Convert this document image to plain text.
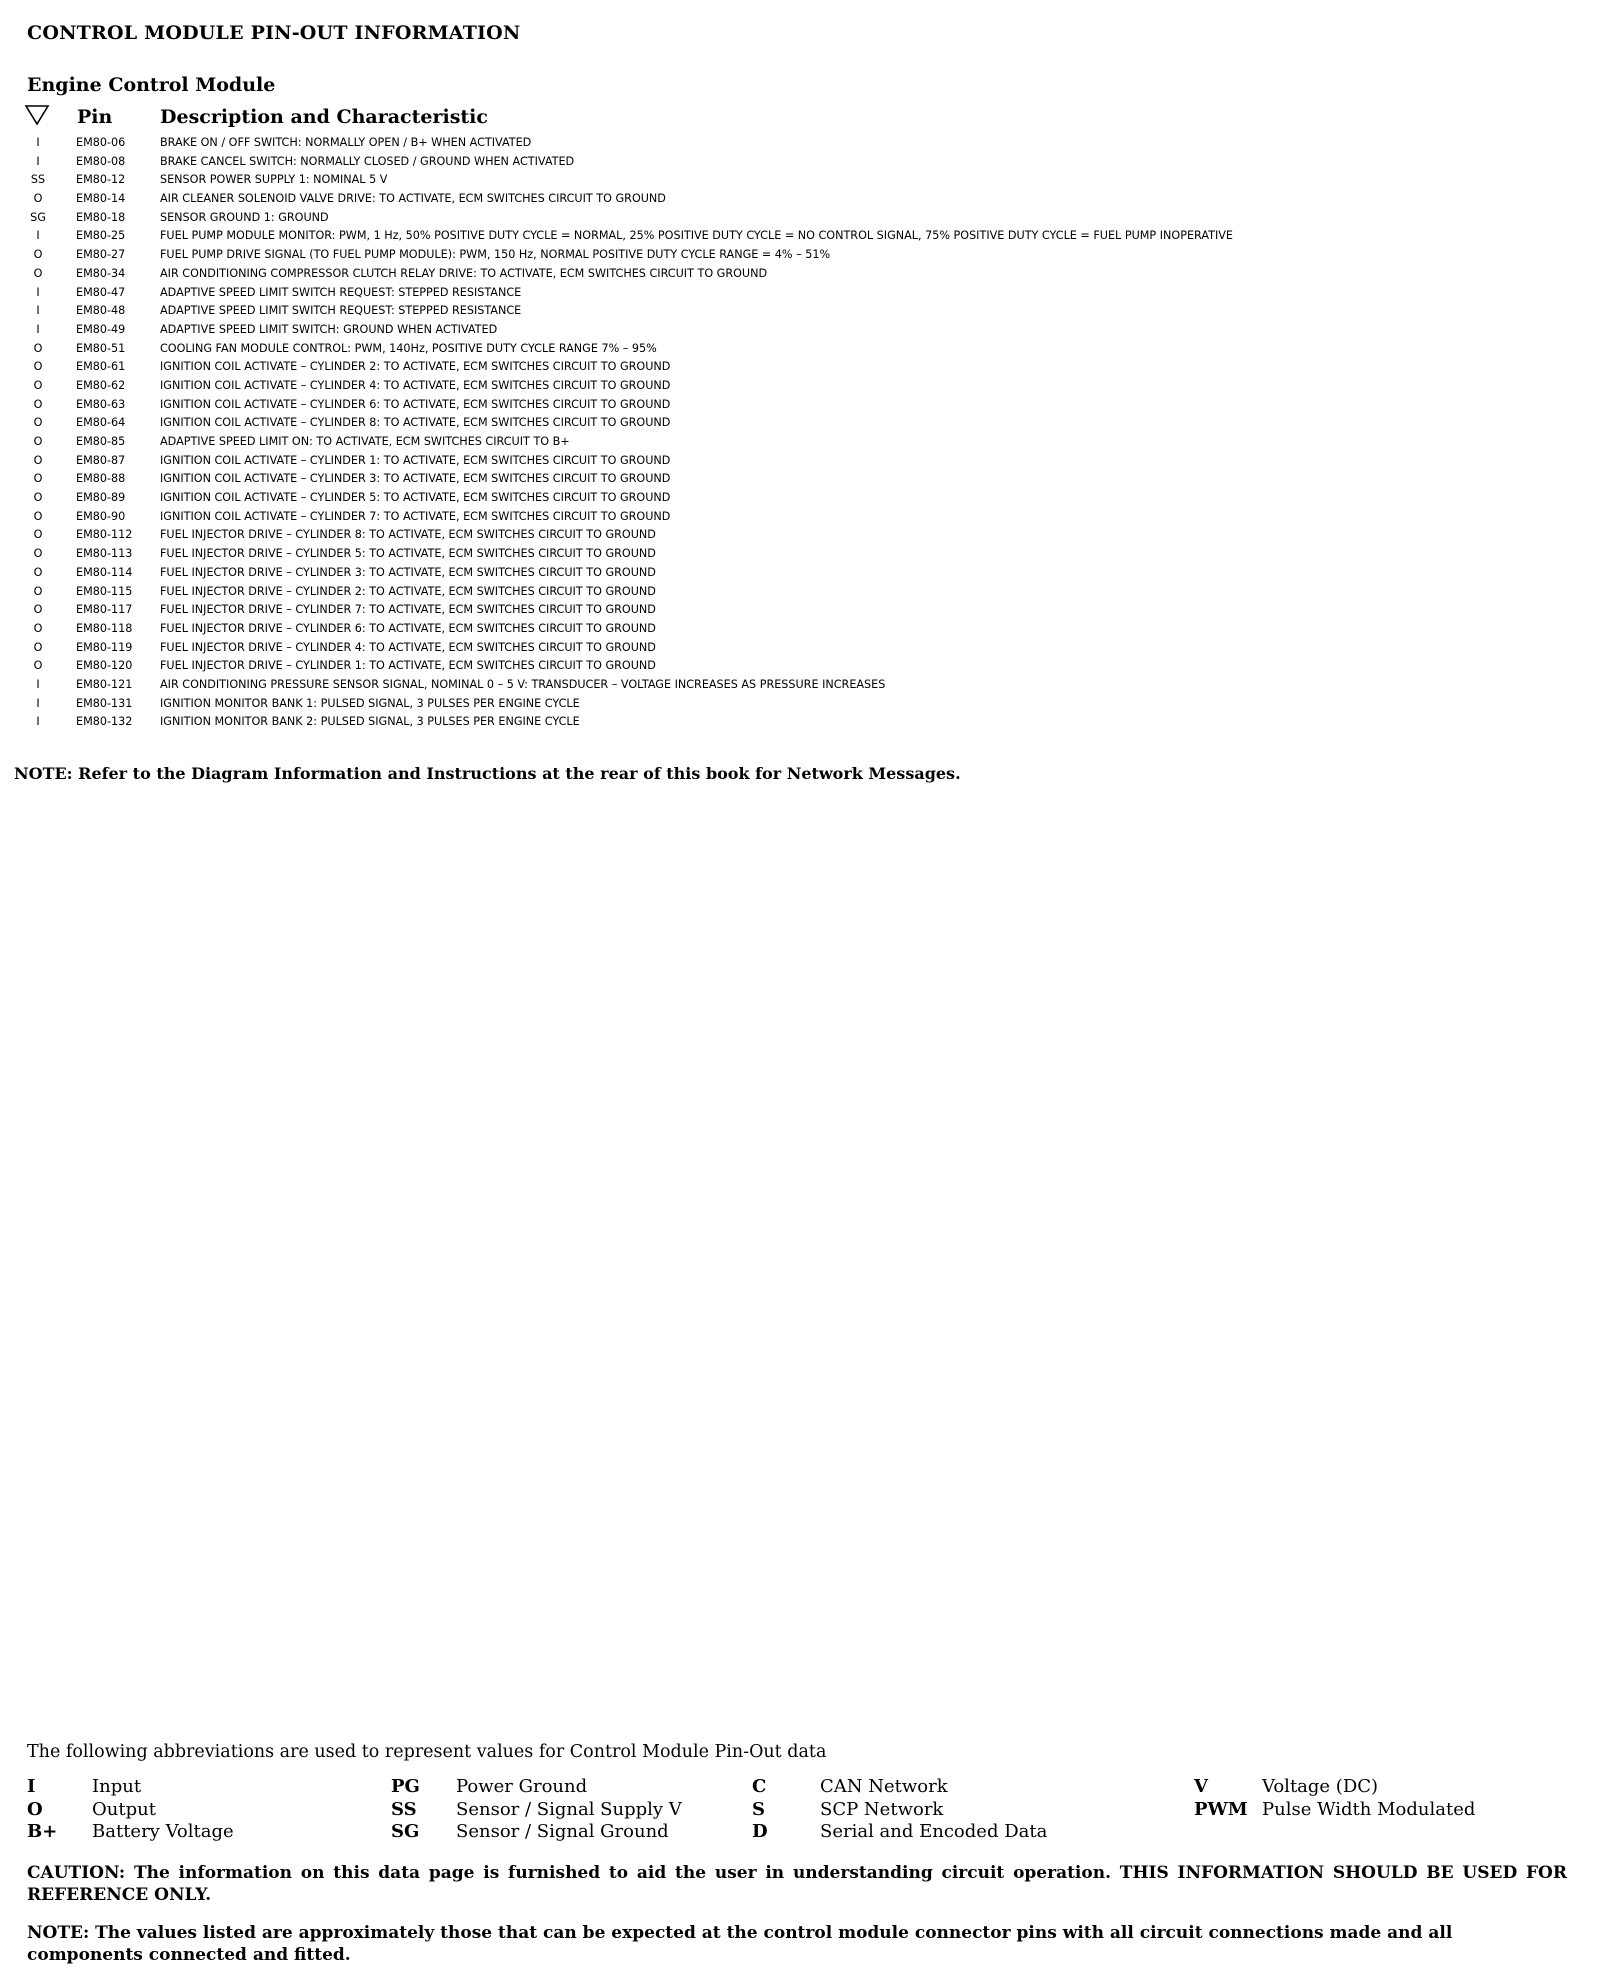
CONTROL MODULE PIN-OUT INFORMATION
Engine Control Module
Pin	Description and Characteristic
I	EM80-06	BRAKE ON / OFF SWITCH: NORMALLY OPEN / B+ WHEN ACTIVATED
I	EM80-08	BRAKE CANCEL SWITCH: NORMALLY CLOSED / GROUND WHEN ACTIVATED
SS	EM80-12	SENSOR POWER SUPPLY 1: NOMINAL 5 V
O	EM80-14	AIR CLEANER SOLENOID VALVE DRIVE: TO ACTIVATE, ECM SWITCHES CIRCUIT TO GROUND
SG	EM80-18	SENSOR GROUND 1: GROUND
I	EM80-25	FUEL PUMP MODULE MONITOR: PWM, 1 Hz, 50% POSITIVE DUTY CYCLE = NORMAL, 25% POSITIVE DUTY CYCLE = NO CONTROL SIGNAL, 75% POSITIVE DUTY CYCLE = FUEL PUMP INOPERATIVE
O	EM80-27	FUEL PUMP DRIVE SIGNAL (TO FUEL PUMP MODULE): PWM, 150 Hz, NORMAL POSITIVE DUTY CYCLE RANGE = 4% – 51%
O	EM80-34	AIR CONDITIONING COMPRESSOR CLUTCH RELAY DRIVE: TO ACTIVATE, ECM SWITCHES CIRCUIT TO GROUND
I	EM80-47	ADAPTIVE SPEED LIMIT SWITCH REQUEST: STEPPED RESISTANCE
I	EM80-48	ADAPTIVE SPEED LIMIT SWITCH REQUEST: STEPPED RESISTANCE
I	EM80-49	ADAPTIVE SPEED LIMIT SWITCH: GROUND WHEN ACTIVATED
O	EM80-51	COOLING FAN MODULE CONTROL: PWM, 140Hz, POSITIVE DUTY CYCLE RANGE 7% – 95%
O	EM80-61	IGNITION COIL ACTIVATE – CYLINDER 2: TO ACTIVATE, ECM SWITCHES CIRCUIT TO GROUND
O	EM80-62	IGNITION COIL ACTIVATE – CYLINDER 4: TO ACTIVATE, ECM SWITCHES CIRCUIT TO GROUND
O	EM80-63	IGNITION COIL ACTIVATE – CYLINDER 6: TO ACTIVATE, ECM SWITCHES CIRCUIT TO GROUND
O	EM80-64	IGNITION COIL ACTIVATE – CYLINDER 8: TO ACTIVATE, ECM SWITCHES CIRCUIT TO GROUND
O	EM80-85	ADAPTIVE SPEED LIMIT ON: TO ACTIVATE, ECM SWITCHES CIRCUIT TO B+
O	EM80-87	IGNITION COIL ACTIVATE – CYLINDER 1: TO ACTIVATE, ECM SWITCHES CIRCUIT TO GROUND
O	EM80-88	IGNITION COIL ACTIVATE – CYLINDER 3: TO ACTIVATE, ECM SWITCHES CIRCUIT TO GROUND
O	EM80-89	IGNITION COIL ACTIVATE – CYLINDER 5: TO ACTIVATE, ECM SWITCHES CIRCUIT TO GROUND
O	EM80-90	IGNITION COIL ACTIVATE – CYLINDER 7: TO ACTIVATE, ECM SWITCHES CIRCUIT TO GROUND
O	EM80-112 FUEL INJECTOR DRIVE – CYLINDER 8: TO ACTIVATE, ECM SWITCHES CIRCUIT TO GROUND
O	EM80-113 FUEL INJECTOR DRIVE – CYLINDER 5: TO ACTIVATE, ECM SWITCHES CIRCUIT TO GROUND
O	EM80-114 FUEL INJECTOR DRIVE – CYLINDER 3: TO ACTIVATE, ECM SWITCHES CIRCUIT TO GROUND
O	EM80-115 FUEL INJECTOR DRIVE – CYLINDER 2: TO ACTIVATE, ECM SWITCHES CIRCUIT TO GROUND
O	EM80-117 FUEL INJECTOR DRIVE – CYLINDER 7: TO ACTIVATE, ECM SWITCHES CIRCUIT TO GROUND
O	EM80-118 FUEL INJECTOR DRIVE – CYLINDER 6: TO ACTIVATE, ECM SWITCHES CIRCUIT TO GROUND
O	EM80-119 FUEL INJECTOR DRIVE – CYLINDER 4: TO ACTIVATE, ECM SWITCHES CIRCUIT TO GROUND
O	EM80-120 FUEL INJECTOR DRIVE – CYLINDER 1: TO ACTIVATE, ECM SWITCHES CIRCUIT TO GROUND
I	EM80-121 AIR CONDITIONING PRESSURE SENSOR SIGNAL, NOMINAL 0 – 5 V: TRANSDUCER – VOLTAGE INCREASES AS PRESSURE INCREASES
I	EM80-131 IGNITION MONITOR BANK 1: PULSED SIGNAL, 3 PULSES PER ENGINE CYCLE
I	EM80-132 IGNITION MONITOR BANK 2: PULSED SIGNAL, 3 PULSES PER ENGINE CYCLE
NOTE: Refer to the Diagram Information and Instructions at the rear of this book for Network Messages.
The following abbreviations are used to represent values for Control Module Pin-Out data
I	Input	PG Power Ground	C	CAN Network	V	Voltage (DC)
O	Output	SS Sensor / Signal Supply V	S	SCP Network	PWM Pulse Width Modulated
B+ Battery Voltage	SG Sensor / Signal Ground	D	Serial and Encoded Data
CAUTION: The information on this data page is furnished to aid the user in understanding circuit operation. THIS INFORMATION SHOULD BE USED FOR REFERENCE ONLY.
NOTE: The values listed are approximately those that can be expected at the control module connector pins with all circuit connections made and all components connected and fitted.
